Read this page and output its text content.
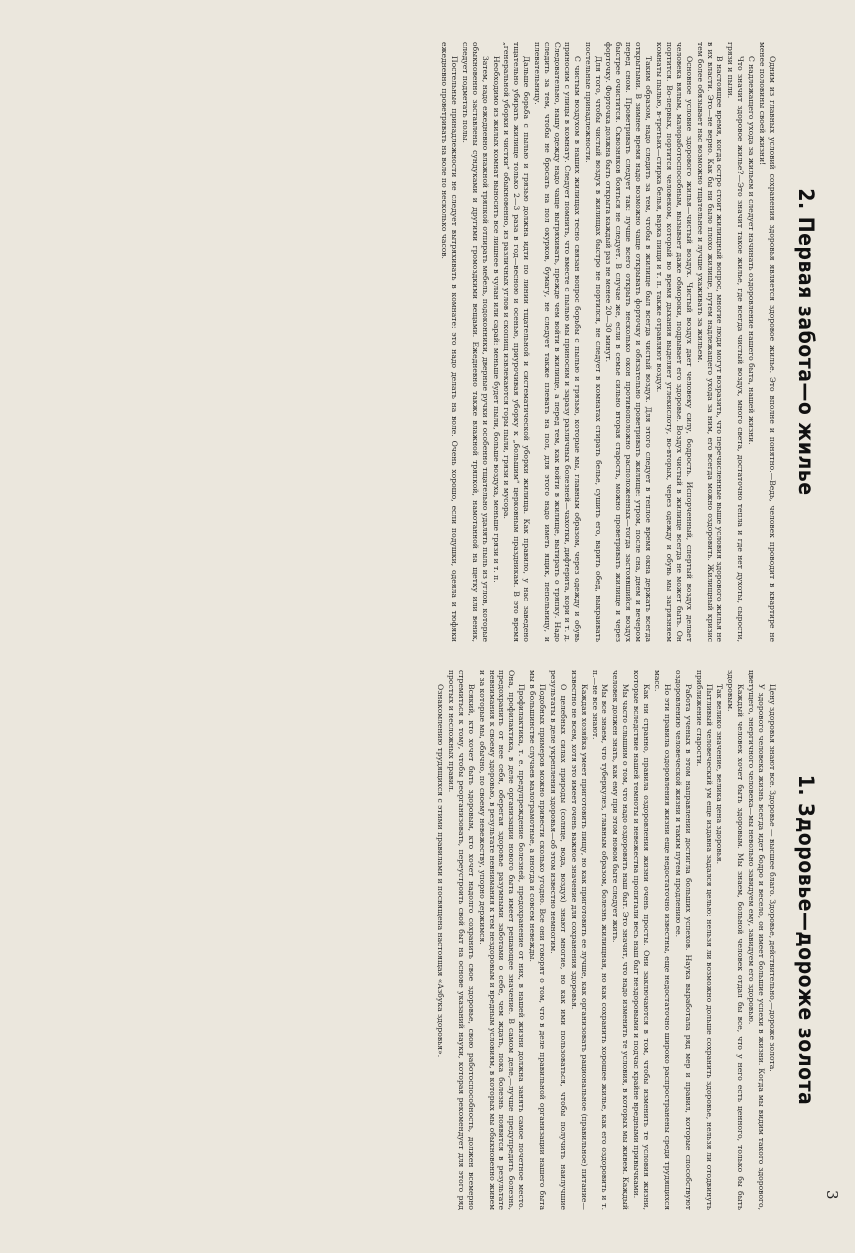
3
2. Первая забота—о жилье

Одним из главных условий сохранения здоровья является здоровое жилье. Это вполне и понятно.—Ведь, человек проводит в квартире не менее половины своей жизни!

С надлежащего ухода за жильем и следует начинать оздоровление нашего быта, нашей жизни.

Что значит здоровое жилье?—Это значит такое жилье, где всегда чистый воздух, много света, достаточно тепла и где нет духоты, сырости, грязи и пыли.

В настоящее время, когда остро стоит жилищный вопрос, многие люди могут возразить, что перечисленные выше условия здорового жилья не в их власти. Это—не верно. Как бы ни было плохо жилище, путем надлежащего ухода за ним, его всегда можно оздоровить. Жилищный кризис тем более обязывает нас возможно тщательнее и лучше ухаживать за жильем.

Основное условие здорового жилья—чистый воздух. Чистый воздух дает человеку силу, бодрость. Испорченный, спертый воздух делает человека вялым, малоработоспособным, вызывает даже обмороки, подрывает его здоровье. Воздух чистый в жилище всегда не может быть. Он портится. Во-первых, портится человеком, который во время дыхания выделяет углекислоту, во-вторых, через одежду и обувь мы загрязняем комнаты пылью, в-третьих—стирка белья, варка пищи и т. п. также отравляют воздух.

Таким образом, надо следить за тем, чтобы в жилище был всегда чистый воздух. Для этого следует в теплое время окна держать всегда открытыми. В зимнее время надо возможно чаще открывать форточку и обязательно проветривать жилище: утром, после сна, днем и вечером перед сном. Проветривать следует так: лучше всего открыть несколько окон противоположно расположенных—тогда застоявшийся воздух быстрее очистится. Сквозняков бояться не следует. В случае же, если в семье сильно вторая старость, можно проветривать жилище и через форточку. Форточка должна быть открыта каждый раз не менее 20—30 минут.

Для того, чтобы чистый воздух в жилищах быстро не портился, не следует в комнатах стирать белье, сушить его, варить обед, выкраивать постельные принадлежности.

С чистым воздухом в наших жилищах тесно связан вопрос борьбы с пылью и грязью, которые мы, главным образом, через одежду и обувь приносим с улицы в комнату. Следует помнить, что вместе с пылью мы приносим и заразу различных болезней—чахотки, дифтерита, кори и т. д. Следовательно, нашу одежду надо чаще вытряхивать, прежде чем войти в жилище, а перед тем, как войти в жилище, вытирать о тряпку. Надо следить за тем, чтобы не бросать на пол окурков, бумагу, не следует также плевать на пол, для этого надо иметь ящик, пепельницу, и плевательницу.

Дальше борьба с пылью и грязью должна идти по линии тщательной и систематической уборки жилища. Как правило, у нас заведено тщательно убирать жилище только 2—3 раза в год—весною и осенью, приурочивая уборку к „большим“ церковным праздникам. В это время „генеральной уборки и чистки“ обыкновенно, из различных углов и скопищ извлекаются горы пыли, грязи и мусора.

Необходимо из жилых комнат выносить все лишнее в чулан или сарай: меньше будет пыли, больше воздуха, меньше грязи и т. п.

Затем, надо ежедневно влажной тряпкой отпирать мебель, подоконники, дверные ручки и особенно тщательно удалять пыль из углов, которые обыкновенно заставлены сундуками и другими громоздкими вещами. Ежедневно также влажной тряпкой, намотанной на щетку или веник, следует подметать полы.

Постельные принадлежности не следует вытряхивать в комнате: это надо делать на воле. Очень хорошо, если подушки, одеяла и тюфяки ежедневно проветривать на воле по несколько часов.

1. Здоровье—дороже золота

Цену здоровья знают все. Здоровье — высшее благо. Здоровье, действительно,—дороже золота.

У здорового человека жизнь всегда идет бодро и весело, он имеет большие успехи в жизни. Когда мы видим такого здорового, цветущего, энергичного человека—мы невольно завидуем ему, завидуем его здоровью.

Каждый человек хочет быть здоровым. Мы знаем, больной человек отдал бы все, что у него есть ценного, только бы быть здоровым.

Так велико значение, велика цена здоровья.

Пытливый человеческий ум еще издавна задался целью: нельзя ли возможно дольше сохранить здоровье, нельзя ли отодвинуть приближение старости.

Работа ученых в этом направлении достигла больших успехов. Наука выработала ряд мер и правил, которые способствуют оздоровлению человеческой жизни и таким путем продлению ее.

Но эти правила оздоровления жизни еще недостаточно известны, еще недостаточно широко распространены среди трудящихся масс.

Как ни странно, правила оздоровления жизни очень просты. Они заключаются в том, чтобы изменить те условия жизни, которые вследствие нашей темноты и невежества пропитали весь наш быт нездоровыми и подчас крайне вредными привычками.

Мы часто слышим о том, что надо оздоровить наш быт. Это значит, что надо изменить те условия, в которых мы живем. Каждый человек должен знать, как ему при этом новом быте следует жить.

Мы все знаем, что туберкулез, главным образом, болезнь жилищная, но как сохранить хорошее жилье, как его оздоровить и т. п.—не все знают.

Каждая хозяйка умеет приготовить пищу, но как приготовить ее лучше, как организовать рациональное (правильное) питание—известно не всем, хотя это имеет очень важное значение для сохранения здоровья.

О целебных силах природы (солнце, вода, воздух) знают многие, но как ими пользоваться, чтобы получить наилучшие результаты в деле укрепления здоровья—об этом известно немногим.

Подобных примеров можно привести сколько угодно. Все они говорят о том, что в деле правильной организации нашего быта мы в большинстве случаев малограмотные, а иногда и совсем невежды.

Профилактика, т. е. предупреждение болезней, предохранение от них, в нашей жизни должна занять самое почетное место. Она, профилактика, в деле организации нового быта имеет решающее значение. В самом деле,—лучше предупредить болезнь, предохранить от нее себя, оберегая здоровье разумными заботами о себе, чем ждать, пока болезнь появится в результате невнимания к своему здоровью, в результате невнимания к тем нездоровым и вредным условиям, в которых мы обыкновенно живем и за которые мы, обычно, по своему невежеству, упорно держимся.

Всякий, кто хочет быть здоровым, кто хочет надолго сохранить свое здоровье, свою работоспособность, должен всемерно стремиться к тому, чтобы реорганизовать, переустроить свой быт на основе указаний науки, которая рекомендует для этого ряд простых и несложных правил.

Ознакомлению трудящихся с этими правилами и посвящена настоящая «Азбука здоровья».
